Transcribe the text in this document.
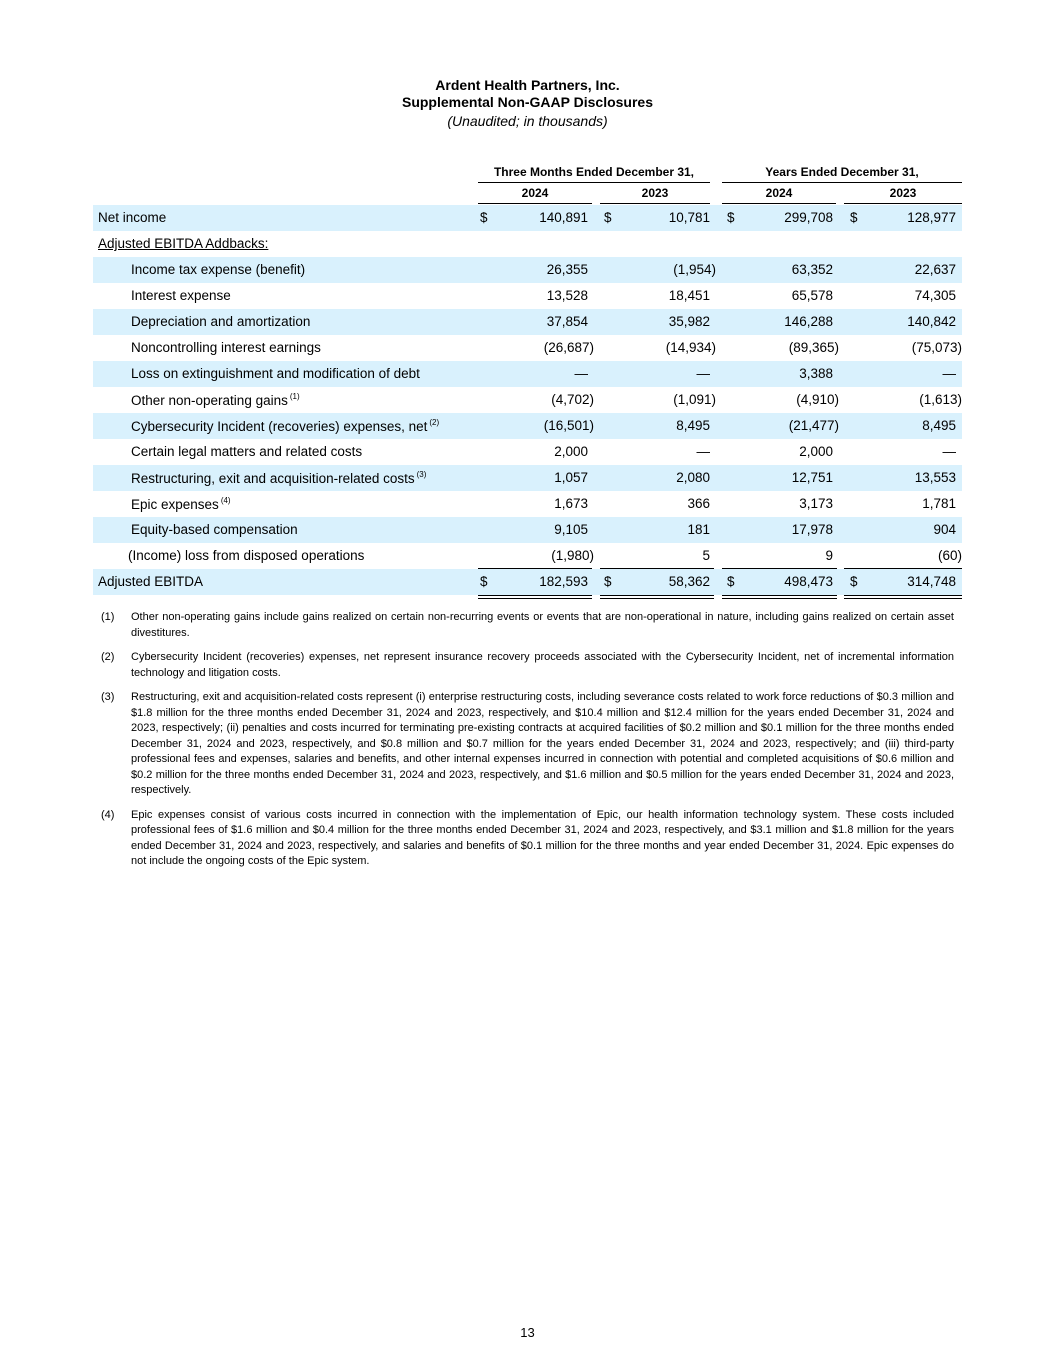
Ardent Health Partners, Inc.
Supplemental Non-GAAP Disclosures
(Unaudited; in thousands)
Three Months Ended December 31,	Years Ended December 31,
2024	2023	2024	2023
Net income	$	140,891 $	10,781 $	299,708 $	128,977
Adjusted EBITDA Addbacks:
Income tax expense (benefit)	26,355	(1,954)	63,352	22,637
Interest expense	13,528	18,451	65,578	74,305
Depreciation and amortization	37,854	35,982	146,288	140,842
Noncontrolling interest earnings	(26,687)	(14,934)	(89,365)	(75,073)
Loss on extinguishment and modification of debt	—	—	3,388	—
Other non-operating gains $^{(1)}$	(4,702)	(1,091)	(4,910)	(1,613)
Cybersecurity Incident (recoveries) expenses, net $^{(2)}$	(16,501)	8,495	(21,477)	8,495
Certain legal matters and related costs	2,000	—	2,000	—
Restructuring, exit and acquisition-related costs $^{(3)}$	1,057	2,080	12,751	13,553
Epic expenses $^{(4)}$	1,673	366	3,173	1,781
Equity-based compensation	9,105	181	17,978	904
(Income) loss from disposed operations	(1,980)	5	9	(60)
Adjusted EBITDA	$	182,593 $	58,362 $	498,473 $	314,748
(1) Other non-operating gains include gains realized on certain non-recurring events or events that are non-operational in nature, including gains realized on certain asset divestitures.
(2) Cybersecurity Incident (recoveries) expenses, net represent insurance recovery proceeds associated with the Cybersecurity Incident, net of incremental information technology and litigation costs.
(3) Restructuring, exit and acquisition-related costs represent (i) enterprise restructuring costs, including severance costs related to work force reductions of $0.3 million and $1.8 million for the three months ended December 31, 2024 and 2023, respectively, and $10.4 million and $12.4 million for the years ended December 31, 2024 and 2023, respectively; (ii) penalties and costs incurred for terminating pre-existing contracts at acquired facilities of $0.2 million and $0.1 million for the three months ended December 31, 2024 and 2023, respectively, and $0.8 million and $0.7 million for the years ended December 31, 2024 and 2023, respectively; and (iii) third-party professional fees and expenses, salaries and benefits, and other internal expenses incurred in connection with potential and completed acquisitions of $0.6 million and $0.2 million for the three months ended December 31, 2024 and 2023, respectively, and $1.6 million and $0.5 million for the years ended December 31, 2024 and 2023, respectively.
(4) Epic expenses consist of various costs incurred in connection with the implementation of Epic, our health information technology system. These costs included professional fees of $1.6 million and $0.4 million for the three months ended December 31, 2024 and 2023, respectively, and $3.1 million and $1.8 million for the years ended December 31, 2024 and 2023, respectively, and salaries and benefits of $0.1 million for the three months and year ended December 31, 2024. Epic expenses do not include the ongoing costs of the Epic system.
13
